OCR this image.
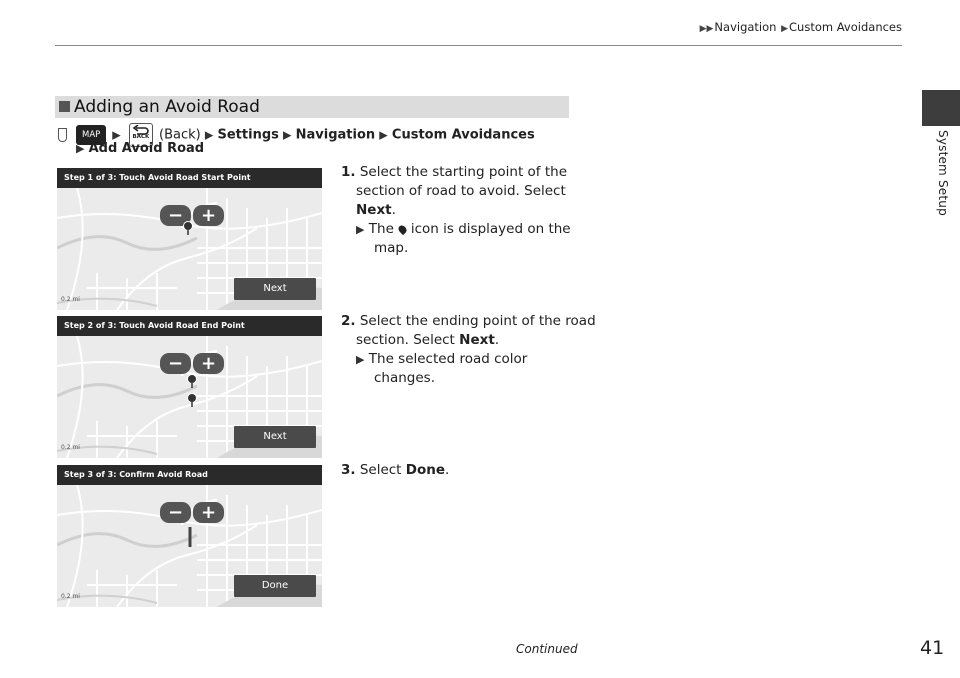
▶▶Navigation ▶Custom Avoidances
System Setup
Adding an Avoid Road
MAP ▶	BACK (Back) ▶ Settings ▶ Navigation ▶ Custom Avoidances
▶ Add Avoid Road
Step 1 of 3: Touch Avoid Road Start Point
− +
0.2 mi
Next
Step 2 of 3: Touch Avoid Road End Point
− +
0.2 mi
Next
Step 3 of 3: Confirm Avoid Road
− +
0.2 mi
Done
1. Select the starting point of the
section of road to avoid. Select
Next.
▶ The icon is displayed on the
map.
2. Select the ending point of the road
section. Select Next.
▶ The selected road color
changes.
3. Select Done.
Continued	41
